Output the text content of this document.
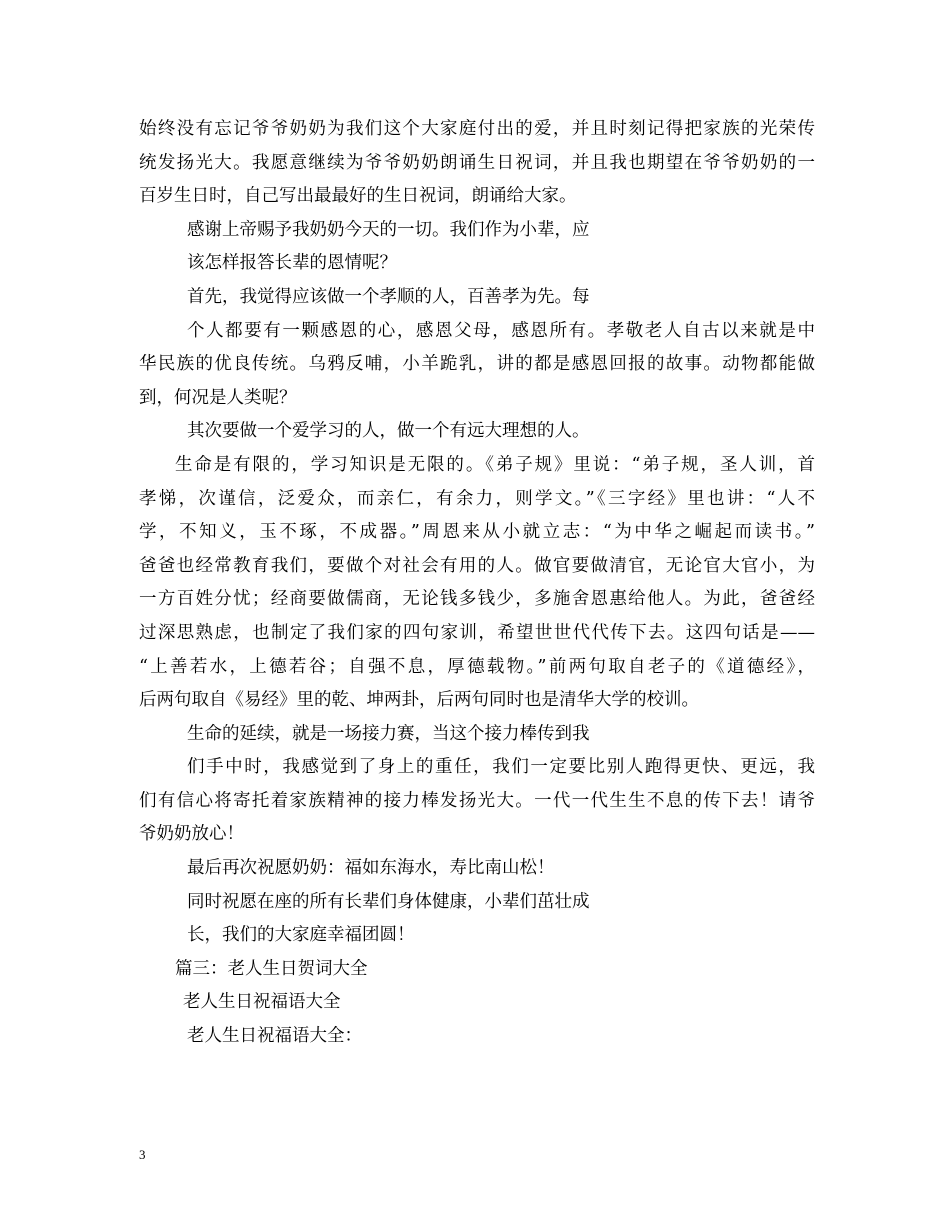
始终没有忘记爷爷奶奶为我们这个大家庭付出的爱，并且时刻记得把家族的光荣传
统发扬光大。我愿意继续为爷爷奶奶朗诵生日祝词，并且我也期望在爷爷奶奶的一
百岁生日时，自己写出最最好的生日祝词，朗诵给大家。
感谢上帝赐予我奶奶今天的一切。我们作为小辈，应
该怎样报答长辈的恩情呢？
首先，我觉得应该做一个孝顺的人，百善孝为先。每
个人都要有一颗感恩的心，感恩父母，感恩所有。孝敬老人自古以来就是中
华民族的优良传统。乌鸦反哺，小羊跪乳，讲的都是感恩回报的故事。动物都能做
到，何况是人类呢？
其次要做一个爱学习的人，做一个有远大理想的人。
生命是有限的，学习知识是无限的。《弟子规》里说：“弟子规，圣人训，首
孝悌，次谨信，泛爱众，而亲仁，有余力，则学文。”《三字经》里也讲：“人不
学，不知义，玉不琢，不成器。”周恩来从小就立志：“为中华之崛起而读书。”
爸爸也经常教育我们，要做个对社会有用的人。做官要做清官，无论官大官小，为
一方百姓分忧；经商要做儒商，无论钱多钱少，多施舍恩惠给他人。为此，爸爸经
过深思熟虑，也制定了我们家的四句家训，希望世世代代传下去。这四句话是——
“上善若水，上德若谷；自强不息，厚德载物。”前两句取自老子的《道德经》，
后两句取自《易经》里的乾、坤两卦，后两句同时也是清华大学的校训。
生命的延续，就是一场接力赛，当这个接力棒传到我
们手中时，我感觉到了身上的重任，我们一定要比别人跑得更快、更远，我
们有信心将寄托着家族精神的接力棒发扬光大。一代一代生生不息的传下去！请爷
爷奶奶放心！
最后再次祝愿奶奶：福如东海水，寿比南山松！
同时祝愿在座的所有长辈们身体健康，小辈们茁壮成
长，我们的大家庭幸福团圆！
篇三：老人生日贺词大全
老人生日祝福语大全
老人生日祝福语大全：
3
